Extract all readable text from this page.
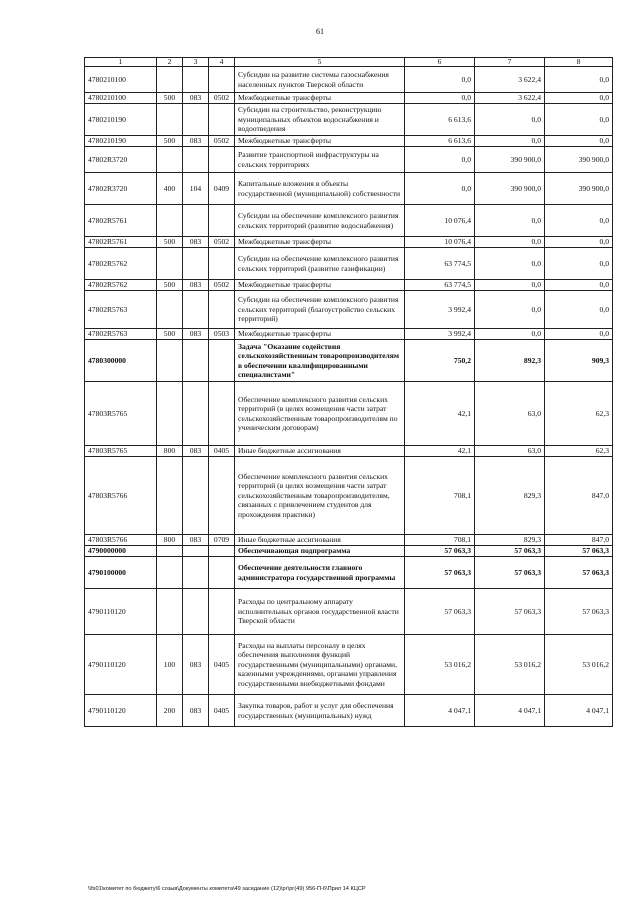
61
1	2	3	4	5	6	7	8
4780210100				Субсидии на развитие системы газоснабжения населенных пунктов Тверской области	0,0	3 622,4	0,0
4780210100	500	083	0502	Межбюджетные трансферты	0,0	3 622,4	0,0
4780210190				Субсидии на строительство, реконструкцию муниципальных объектов водоснабжения и водоотведения	6 613,6	0,0	0,0
4780210190	500	083	0502	Межбюджетные трансферты	6 613,6	0,0	0,0
47802R3720				Развитие транспортной инфраструктуры на сельских территориях	0,0	390 900,0	390 900,0
47802R3720	400	104	0409	Капитальные вложения в объекты государственной (муниципальной) собственности	0,0	390 900,0	390 900,0
47802R5761				Субсидии на обеспечение комплексного развития сельских территорий (развитие водоснабжения)	10 076,4	0,0	0,0
47802R5761	500	083	0502	Межбюджетные трансферты	10 076,4	0,0	0,0
47802R5762				Субсидии на обеспечение комплексного развития сельских территорий (развитие газификации)	63 774,5	0,0	0,0
47802R5762	500	083	0502	Межбюджетные трансферты	63 774,5	0,0	0,0
47802R5763				Субсидии на обеспечение комплексного развития сельских территорий (благоустройство сельских территорий)	3 992,4	0,0	0,0
47802R5763	500	083	0503	Межбюджетные трансферты	3 992,4	0,0	0,0
4780300000				Задача "Оказание содействия сельскохозяйственным товаропроизводителям в обеспечении квалифицированными специалистами"	750,2	892,3	909,3
47803R5765				Обеспечение комплексного развития сельских территорий (в целях возмещения части затрат сельскохозяйственным товаропроизводителям по ученическим договорам)	42,1	63,0	62,3
47803R5765	800	083	0405	Иные бюджетные ассигнования	42,1	63,0	62,3
47803R5766				Обеспечение комплексного развития сельских территорий (в целях возмещения части затрат сельскохозяйственным товаропроизводителям, связанных с привлечением студентов для прохождения практики)	708,1	829,3	847,0
47803R5766	800	083	0709	Иные бюджетные ассигнования	708,1	829,3	847,0
4790000000				Обеспечивающая подпрограмма	57 063,3	57 063,3	57 063,3
4790100000				Обеспечение деятельности главного администратора государственной программы	57 063,3	57 063,3	57 063,3
4790110120				Расходы по центральному аппарату исполнительных органов государственной власти Тверской области	57 063,3	57 063,3	57 063,3
4790110120	100	083	0405	Расходы на выплаты персоналу в целях обеспечения выполнения функций государственными (муниципальными) органами, казенными учреждениями, органами управления государственными внебюджетными фондами	53 016,2	53 016,2	53 016,2
4790110120	200	083	0405	Закупка товаров, работ и услуг для обеспечения государственных (муниципальных) нужд	4 047,1	4 047,1	4 047,1
\\fs01\комитет по бюджету\6 созыв\Документы комитета\49 заседание (12)\рг\рг(49) 956-П-6\Прил 14 КЦСР
